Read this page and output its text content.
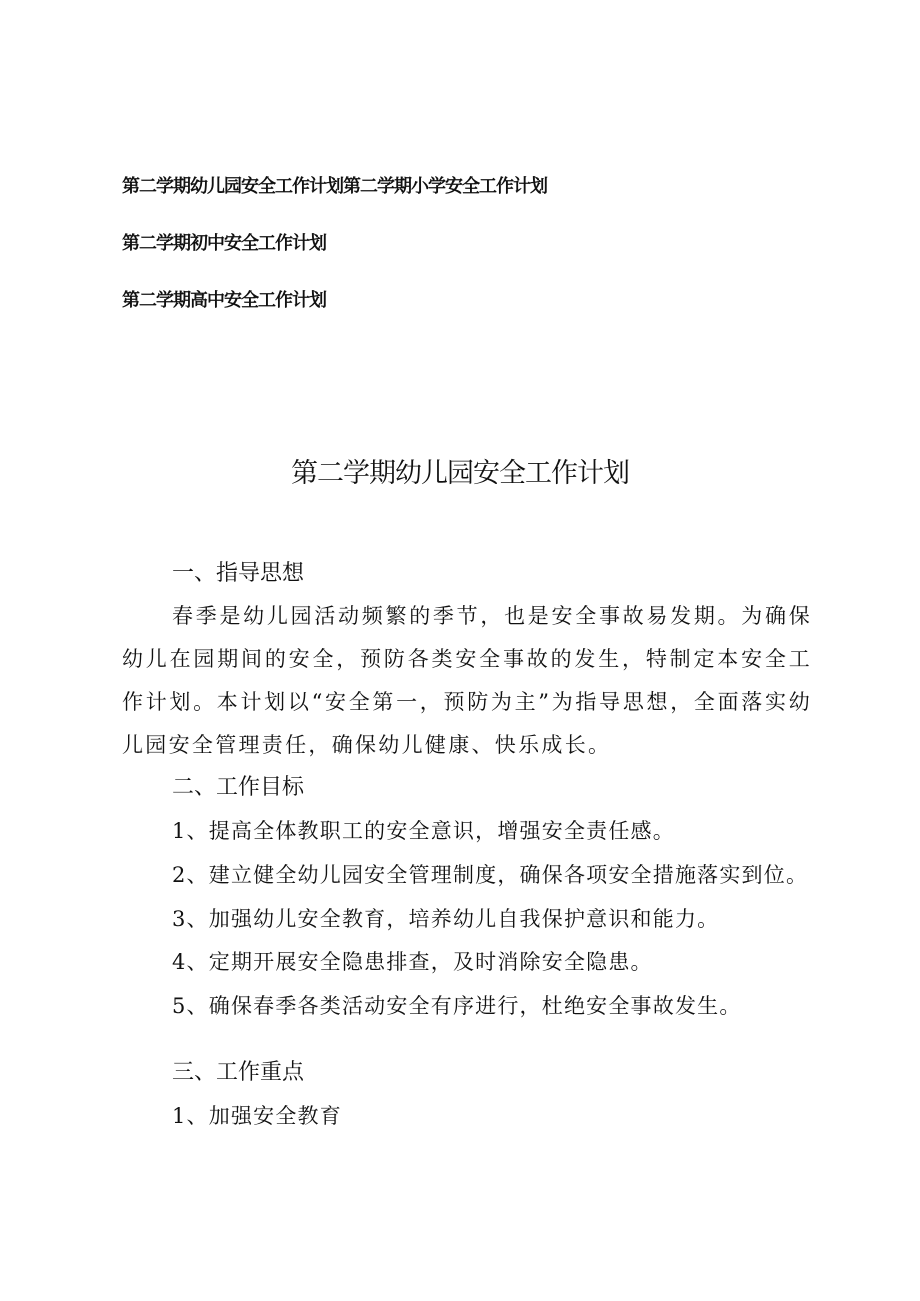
第二学期幼儿园安全工作计划第二学期小学安全工作计划
第二学期初中安全工作计划
第二学期高中安全工作计划
第二学期幼儿园安全工作计划
一、指导思想
春季是幼儿园活动频繁的季节，也是安全事故易发期。为确保幼儿在园期间的安全，预防各类安全事故的发生，特制定本安全工作计划。本计划以“安全第一，预防为主”为指导思想，全面落实幼儿园安全管理责任，确保幼儿健康、快乐成长。
二、工作目标
1、提高全体教职工的安全意识，增强安全责任感。
2、建立健全幼儿园安全管理制度，确保各项安全措施落实到位。
3、加强幼儿安全教育，培养幼儿自我保护意识和能力。
4、定期开展安全隐患排查，及时消除安全隐患。
5、确保春季各类活动安全有序进行，杜绝安全事故发生。
三、工作重点
1、加强安全教育
